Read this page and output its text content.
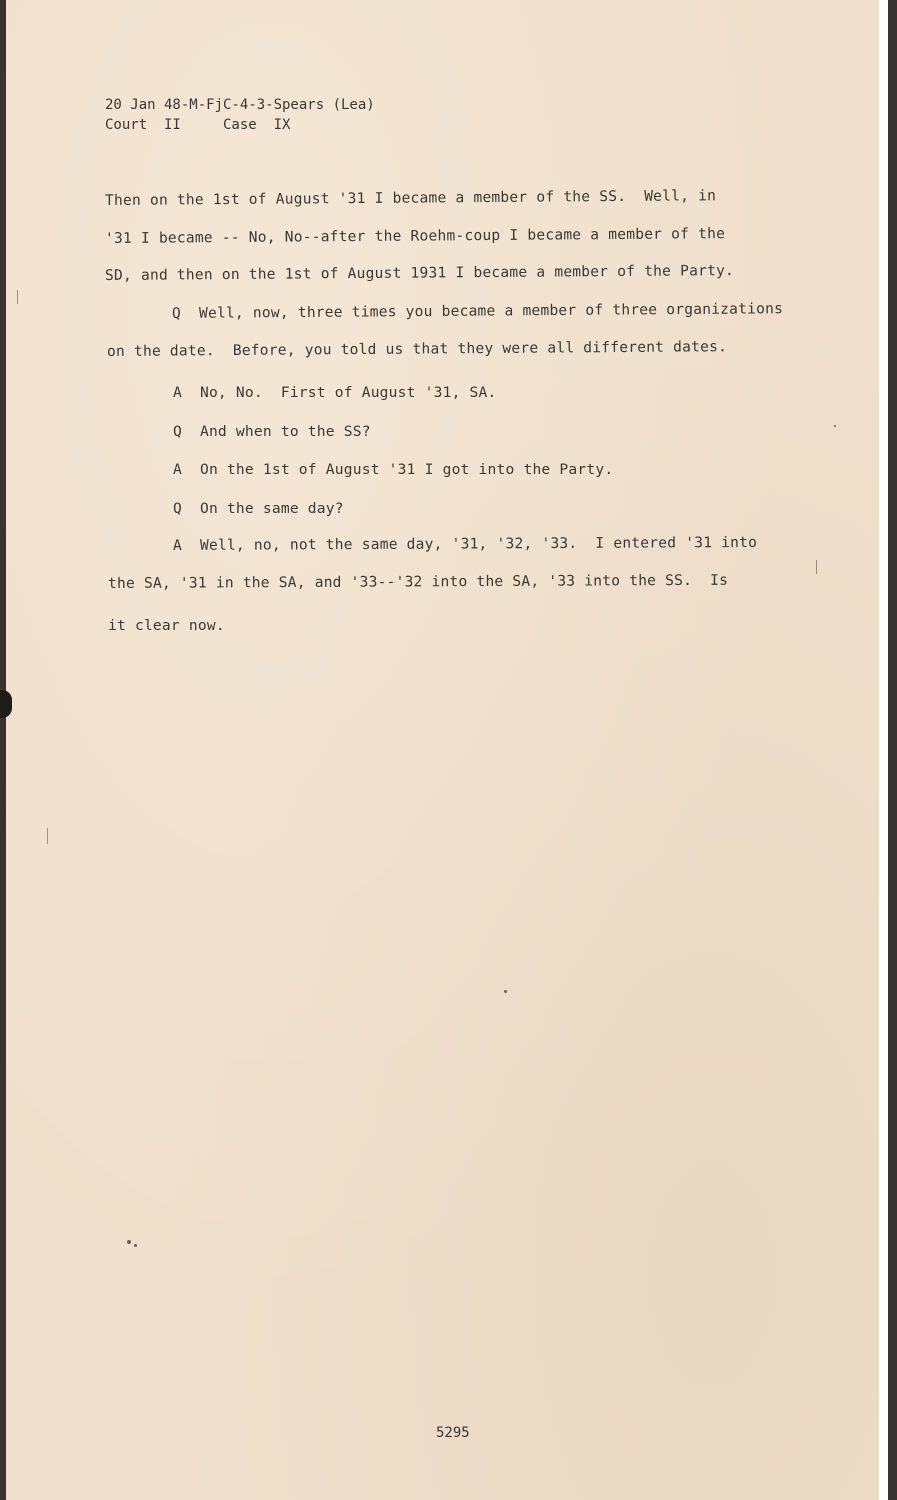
20 Jan 48-M-FjC-4-3-Spears (Lea)
Court  II     Case  IX
Then on the 1st of August '31 I became a member of the SS.  Well, in
'31 I became -- No, No--after the Roehm-coup I became a member of the
SD, and then on the 1st of August 1931 I became a member of the Party.
Q  Well, now, three times you became a member of three organizations
on the date.  Before, you told us that they were all different dates.
A  No, No.  First of August '31, SA.
Q  And when to the SS?
A  On the 1st of August '31 I got into the Party.
Q  On the same day?
A  Well, no, not the same day, '31, '32, '33.  I entered '31 into
the SA, '31 in the SA, and '33--'32 into the SA, '33 into the SS.  Is
it clear now.
5295
